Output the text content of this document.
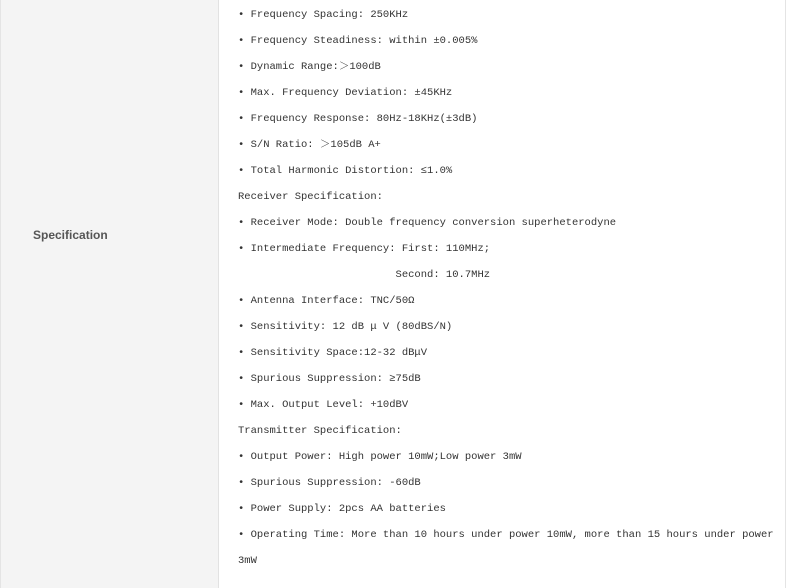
Specification
• Frequency Spacing: 250KHz
• Frequency Steadiness: within ±0.005%
• Dynamic Range:＞100dB
• Max. Frequency Deviation: ±45KHz
• Frequency Response: 80Hz-18KHz(±3dB)
• S/N Ratio: ＞105dB A+
• Total Harmonic Distortion: ≤1.0%
Receiver Specification:
• Receiver Mode: Double frequency conversion superheterodyne
• Intermediate Frequency: First: 110MHz;
Second: 10.7MHz
• Antenna Interface: TNC/50Ω
• Sensitivity: 12 dB μ V (80dBS/N)
• Sensitivity Space:12-32 dBμV
• Spurious Suppression: ≥75dB
• Max. Output Level: +10dBV
Transmitter Specification:
• Output Power: High power 10mW;Low power 3mW
• Spurious Suppression: -60dB
• Power Supply: 2pcs AA batteries
• Operating Time: More than 10 hours under power 10mW, more than 15 hours under power
3mW
